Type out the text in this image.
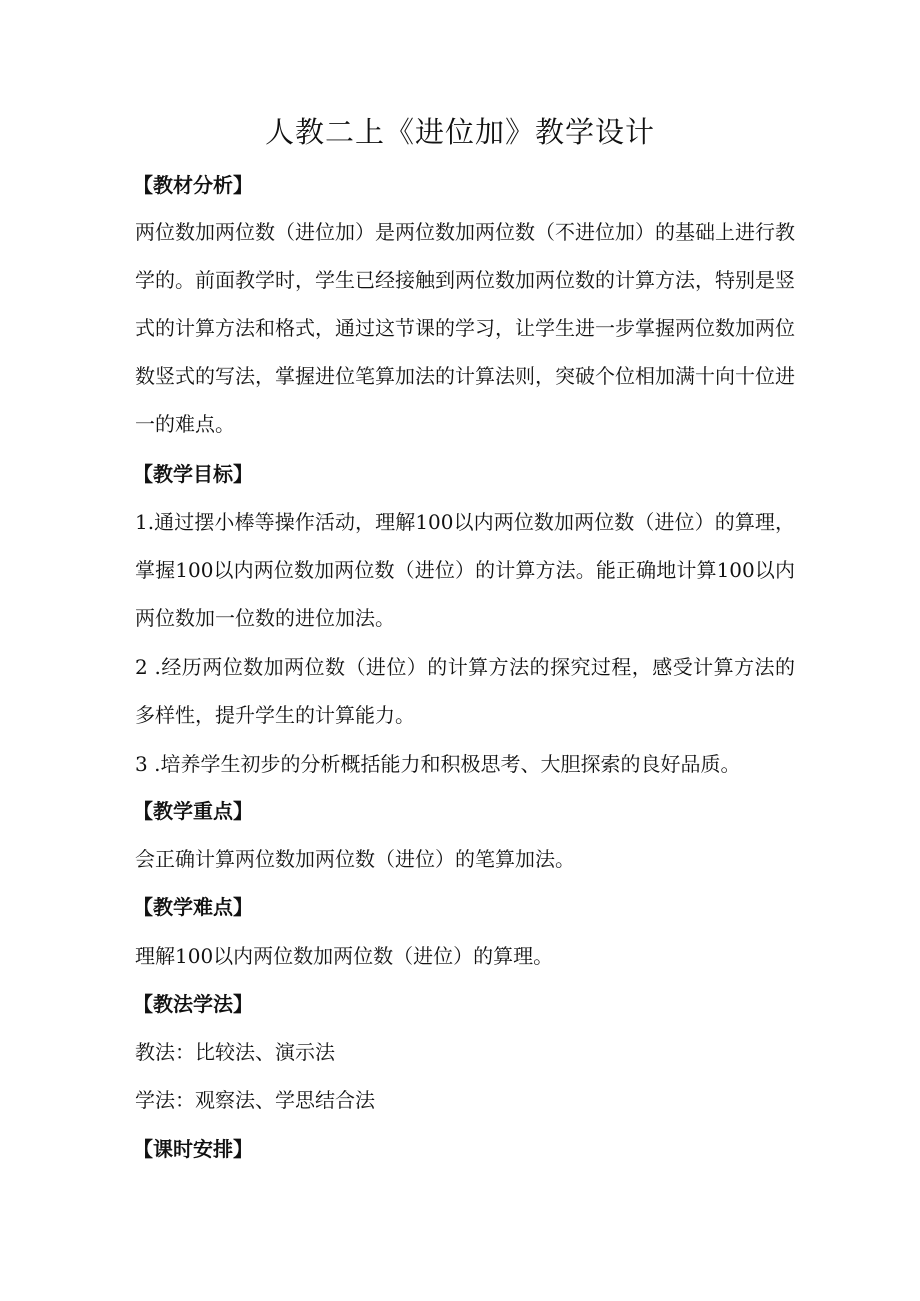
人教二上《进位加》教学设计
【教材分析】
两位数加两位数（进位加）是两位数加两位数（不进位加）的基础上进行教学的。前面教学时，学生已经接触到两位数加两位数的计算方法，特别是竖式的计算方法和格式，通过这节课的学习，让学生进一步掌握两位数加两位数竖式的写法，掌握进位笔算加法的计算法则，突破个位相加满十向十位进一的难点。
【教学目标】
1.通过摆小棒等操作活动，理解100以内两位数加两位数（进位）的算理，掌握100以内两位数加两位数（进位）的计算方法。能正确地计算100以内两位数加一位数的进位加法。
2 .经历两位数加两位数（进位）的计算方法的探究过程，感受计算方法的多样性，提升学生的计算能力。
3 .培养学生初步的分析概括能力和积极思考、大胆探索的良好品质。
【教学重点】
会正确计算两位数加两位数（进位）的笔算加法。
【教学难点】
理解100以内两位数加两位数（进位）的算理。
【教法学法】
教法：比较法、演示法
学法：观察法、学思结合法
【课时安排】
